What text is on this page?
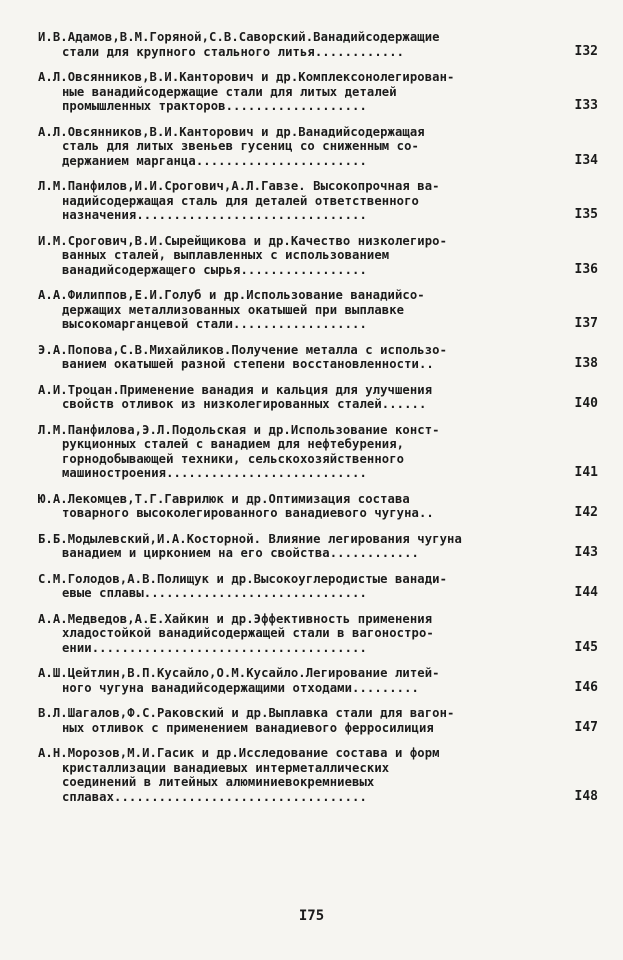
И.В.Адамов,В.М.Горяной,С.В.Саворский.Ванадийсодержащие
стали для крупного стального литья............	I32
А.Л.Овсянников,В.И.Канторович и др.Комплексонолегирован-
ные ванадийсодержащие стали для литых деталей
промышленных тракторов...................	I33
А.Л.Овсянников,В.И.Канторович и др.Ванадийсодержащая
сталь для литых звеньев гусениц со сниженным со-
держанием марганца.......................	I34
Л.М.Панфилов,И.И.Срогович,А.Л.Гавзе. Высокопрочная ва-
надийсодержащая сталь для деталей ответственного
назначения...............................	I35
И.М.Срогович,В.И.Сырейщикова и др.Качество низколегиро-
ванных сталей, выплавленных с использованием
ванадийсодержащего сырья.................	I36
А.А.Филиппов,Е.И.Голуб и др.Использование ванадийсо-
держащих металлизованных окатышей при выплавке
высокомарганцевой стали..................	I37
Э.А.Попова,С.В.Михайликов.Получение металла с использо-
ванием окатышей разной степени восстановленности..	I38
А.И.Троцан.Применение ванадия и кальция для улучшения
свойств отливок из низколегированных сталей......	I40
Л.М.Панфилова,Э.Л.Подольская и др.Использование конст-
рукционных сталей с ванадием для нефтебурения,
горнодобывающей техники, сельскохозяйственного
машиностроения...........................	I41
Ю.А.Лекомцев,Т.Г.Гаврилюк и др.Оптимизация состава
товарного высоколегированного ванадиевого чугуна..	I42
Б.Б.Модылевский,И.А.Косторной. Влияние легирования чугуна
ванадием и цирконием на его свойства............	I43
С.М.Голодов,А.В.Полищук и др.Высокоуглеродистые ванади-
евые сплавы..............................	I44
А.А.Медведов,А.Е.Хайкин и др.Эффективность применения
хладостойкой ванадийсодержащей стали в вагоностро-
ении.....................................	I45
А.Ш.Цейтлин,В.П.Кусайло,О.М.Кусайло.Легирование литей-
ного чугуна ванадийсодержащими отходами.........	I46
В.Л.Шагалов,Ф.С.Раковский и др.Выплавка стали для вагон-
ных отливок с применением ванадиевого ферросилиция	I47
А.Н.Морозов,М.И.Гасик и др.Исследование состава и форм
кристаллизации ванадиевых интерметаллических
соединений в литейных алюминиевокремниевых
сплавах..................................	I48
I75
